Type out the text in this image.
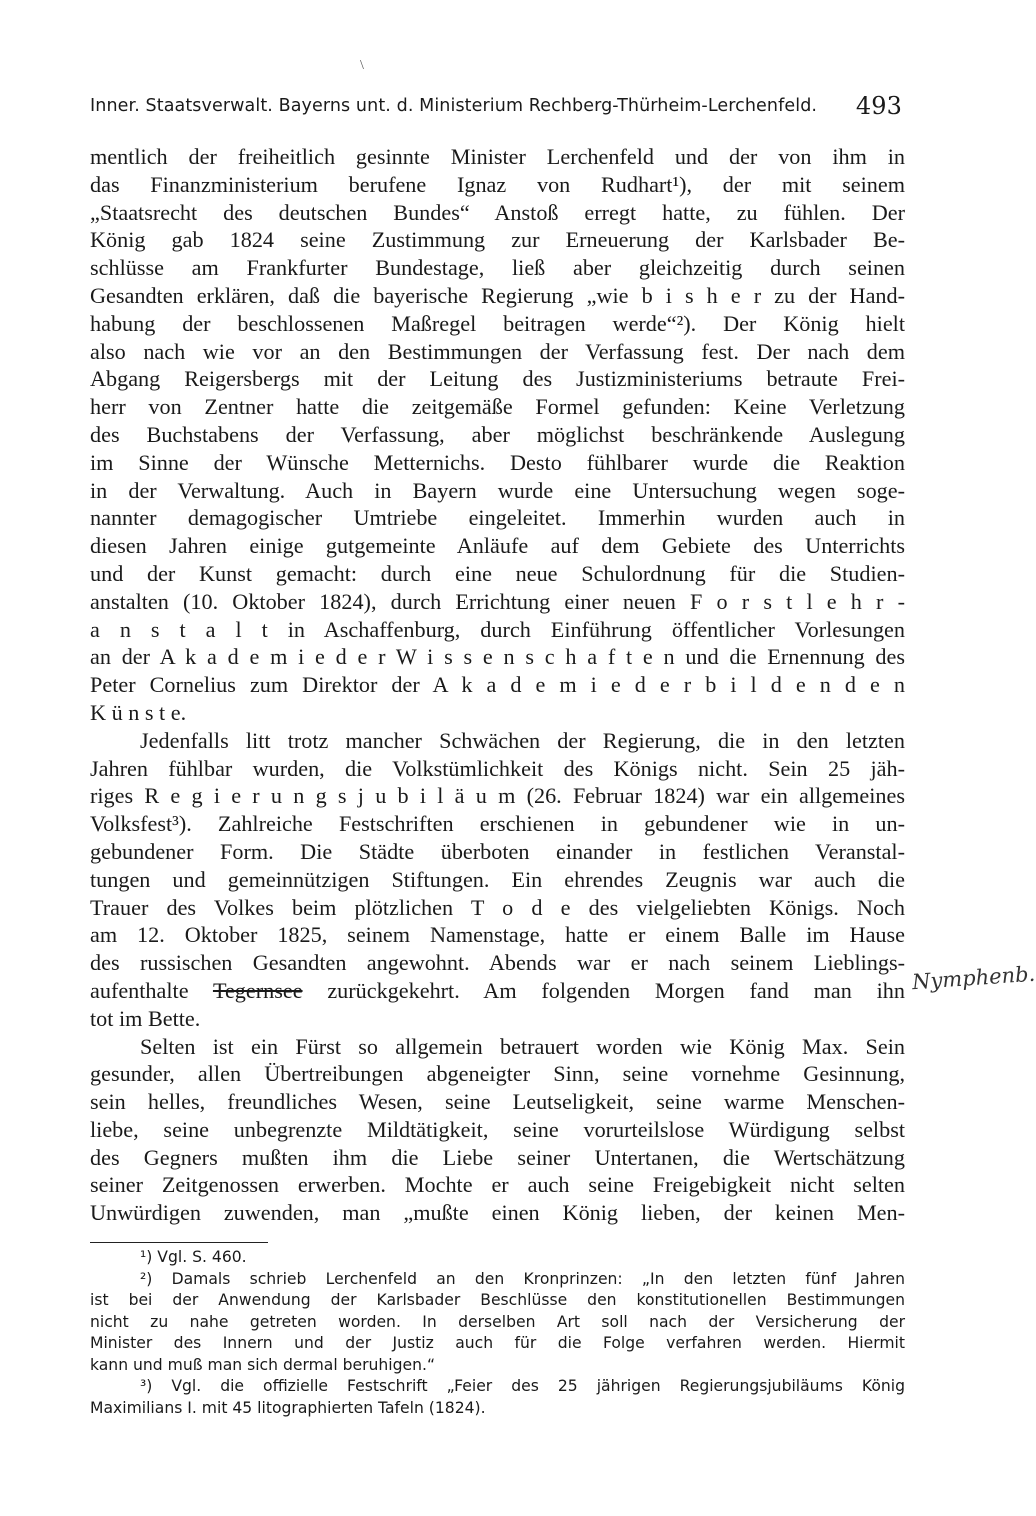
\
Inner. Staatsverwalt. Bayerns unt. d. Ministerium Rechberg-Thürheim-Lerchenfeld. 493
mentlich der freiheitlich gesinnte Minister Lerchenfeld und der von ihm in
das Finanzministerium berufene Ignaz von Rudhart¹), der mit seinem
„Staatsrecht des deutschen Bundes“ Anstoß erregt hatte, zu fühlen. Der
König gab 1824 seine Zustimmung zur Erneuerung der Karlsbader Be-
schlüsse am Frankfurter Bundestage, ließ aber gleichzeitig durch seinen
Gesandten erklären, daß die bayerische Regierung „wie b i s h e r zu der Hand-
habung der beschlossenen Maßregel beitragen werde“²). Der König hielt
also nach wie vor an den Bestimmungen der Verfassung fest. Der nach dem
Abgang Reigersbergs mit der Leitung des Justizministeriums betraute Frei-
herr von Zentner hatte die zeitgemäße Formel gefunden: Keine Verletzung
des Buchstabens der Verfassung, aber möglichst beschränkende Auslegung
im Sinne der Wünsche Metternichs. Desto fühlbarer wurde die Reaktion
in der Verwaltung. Auch in Bayern wurde eine Untersuchung wegen soge-
nannter demagogischer Umtriebe eingeleitet. Immerhin wurden auch in
diesen Jahren einige gutgemeinte Anläufe auf dem Gebiete des Unterrichts
und der Kunst gemacht: durch eine neue Schulordnung für die Studien-
anstalten (10. Oktober 1824), durch Errichtung einer neuen F o r s t l e h r -
a n s t a l t in Aschaffenburg, durch Einführung öffentlicher Vorlesungen
an der A k a d e m i e d e r W i s s e n s c h a f t e n und die Ernennung des
Peter Cornelius zum Direktor der A k a d e m i e d e r b i l d e n d e n
K ü n s t e.
Jedenfalls litt trotz mancher Schwächen der Regierung, die in den letzten
Jahren fühlbar wurden, die Volkstümlichkeit des Königs nicht. Sein 25 jäh-
riges R e g i e r u n g s j u b i l ä u m (26. Februar 1824) war ein allgemeines
Volksfest³). Zahlreiche Festschriften erschienen in gebundener wie in un-
gebundener Form. Die Städte überboten einander in festlichen Veranstal-
tungen und gemeinnützigen Stiftungen. Ein ehrendes Zeugnis war auch die
Trauer des Volkes beim plötzlichen T o d e des vielgeliebten Königs. Noch
am 12. Oktober 1825, seinem Namenstage, hatte er einem Balle im Hause
des russischen Gesandten angewohnt. Abends war er nach seinem Lieblings-
aufenthalte Tegernsee zurückgekehrt. Am folgenden Morgen fand man ihn
tot im Bette.
Selten ist ein Fürst so allgemein betrauert worden wie König Max. Sein
gesunder, allen Übertreibungen abgeneigter Sinn, seine vornehme Gesinnung,
sein helles, freundliches Wesen, seine Leutseligkeit, seine warme Menschen-
liebe, seine unbegrenzte Mildtätigkeit, seine vorurteilslose Würdigung selbst
des Gegners mußten ihm die Liebe seiner Untertanen, die Wertschätzung
seiner Zeitgenossen erwerben. Mochte er auch seine Freigebigkeit nicht selten
Unwürdigen zuwenden, man „mußte einen König lieben, der keinen Men-
Nymphenb.
¹) Vgl. S. 460.
²) Damals schrieb Lerchenfeld an den Kronprinzen: „In den letzten fünf Jahren
ist bei der Anwendung der Karlsbader Beschlüsse den konstitutionellen Bestimmungen
nicht zu nahe getreten worden. In derselben Art soll nach der Versicherung der
Minister des Innern und der Justiz auch für die Folge verfahren werden. Hiermit
kann und muß man sich dermal beruhigen.“
³) Vgl. die offizielle Festschrift „Feier des 25 jährigen Regierungsjubiläums König
Maximilians I. mit 45 litographierten Tafeln (1824).
